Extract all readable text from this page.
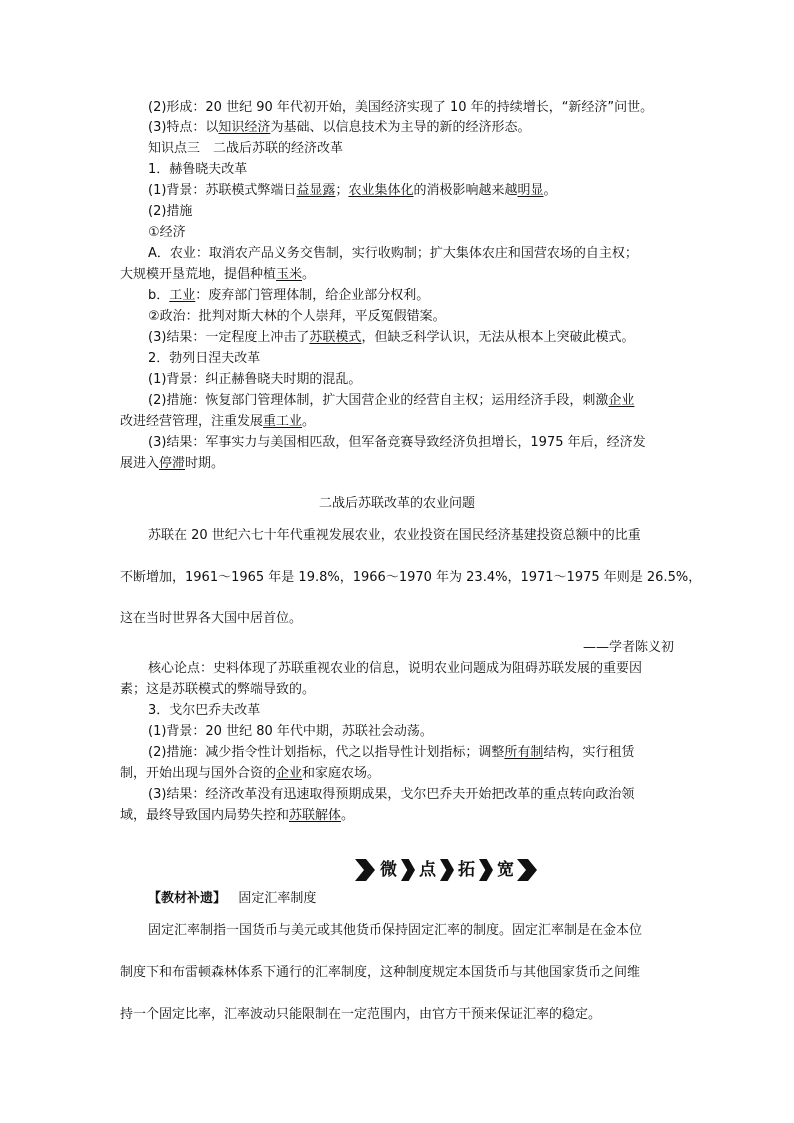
(2)形成：20 世纪 90 年代初开始，美国经济实现了 10 年的持续增长，“新经济”问世。
(3)特点：以知识经济为基础、以信息技术为主导的新的经济形态。
知识点三　二战后苏联的经济改革
1．赫鲁晓夫改革
(1)背景：苏联模式弊端日益显露；农业集体化的消极影响越来越明显。
(2)措施
①经济
A．农业：取消农产品义务交售制，实行收购制；扩大集体农庄和国营农场的自主权；
大规模开垦荒地，提倡种植玉米。
b．工业：废弃部门管理体制，给企业部分权利。
②政治：批判对斯大林的个人崇拜，平反冤假错案。
(3)结果：一定程度上冲击了苏联模式，但缺乏科学认识，无法从根本上突破此模式。
2．勃列日涅夫改革
(1)背景：纠正赫鲁晓夫时期的混乱。
(2)措施：恢复部门管理体制，扩大国营企业的经营自主权；运用经济手段，刺激企业
改进经营管理，注重发展重工业。
(3)结果：军事实力与美国相匹敌，但军备竞赛导致经济负担增长，1975 年后，经济发
展进入停滞时期。
二战后苏联改革的农业问题
苏联在 20 世纪六七十年代重视发展农业，农业投资在国民经济基建投资总额中的比重
不断增加，1961～1965 年是 19.8%，1966～1970 年为 23.4%，1971～1975 年则是 26.5%，
这在当时世界各大国中居首位。
——学者陈义初
核心论点：史料体现了苏联重视农业的信息，说明农业问题成为阻碍苏联发展的重要因
素；这是苏联模式的弊端导致的。
3．戈尔巴乔夫改革
(1)背景：20 世纪 80 年代中期，苏联社会动荡。
(2)措施：减少指令性计划指标，代之以指导性计划指标；调整所有制结构，实行租赁
制，开始出现与国外合资的企业和家庭农场。
(3)结果：经济改革没有迅速取得预期成果，戈尔巴乔夫开始把改革的重点转向政治领
域，最终导致国内局势失控和苏联解体。
微 点 拓 宽
【教材补遗】 固定汇率制度
固定汇率制指一国货币与美元或其他货币保持固定汇率的制度。固定汇率制是在金本位
制度下和布雷顿森林体系下通行的汇率制度，这种制度规定本国货币与其他国家货币之间维
持一个固定比率，汇率波动只能限制在一定范围内，由官方干预来保证汇率的稳定。
